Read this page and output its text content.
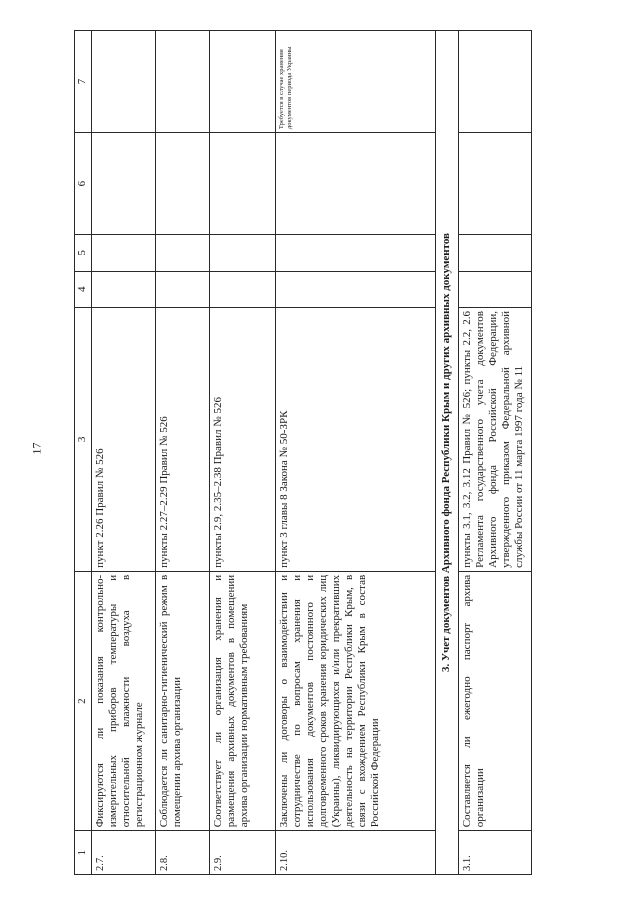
17
1	2	3	4	5	6	7
2.7.	Фиксируются ли показания контрольно-измерительных приборов температуры и относительной влажности воздуха в регистрационном журнале	пункт 2.26 Правил № 526				
2.8.	Соблюдается ли санитарно-гигиенический режим в помещении архива организации	пункты 2.27–2.29 Правил № 526				
2.9.	Соответствует ли организация хранения и размещения архивных документов в помещении архива организации нормативным требованиям	пункты 2.9, 2.35–2.38 Правил № 526				
2.10.	Заключены ли договоры о взаимодействии и сотрудничестве по вопросам хранения и использования документов постоянного и долговременного сроков хранения юридических лиц (Украины), ликвидирующихся и/или прекративших деятельность на территории Республики Крым, в связи с вхождением Республики Крым в состав Российской Федерации	пункт 3 главы 8 Закона № 50-ЗРК				Требуется в случае хранения документов периода Украины
3. Учет документов Архивного фонда Республики Крым и других архивных документов						
3.1.	Составляется ли ежегодно паспорт архива организации	пункты 3.1, 3.2, 3.12 Правил № 526; пункты 2.2, 2.6 Регламента государственного учета документов Архивного фонда Российской Федерации, утвержденного приказом Федеральной архивной службы России от 11 марта 1997 года № 11				
